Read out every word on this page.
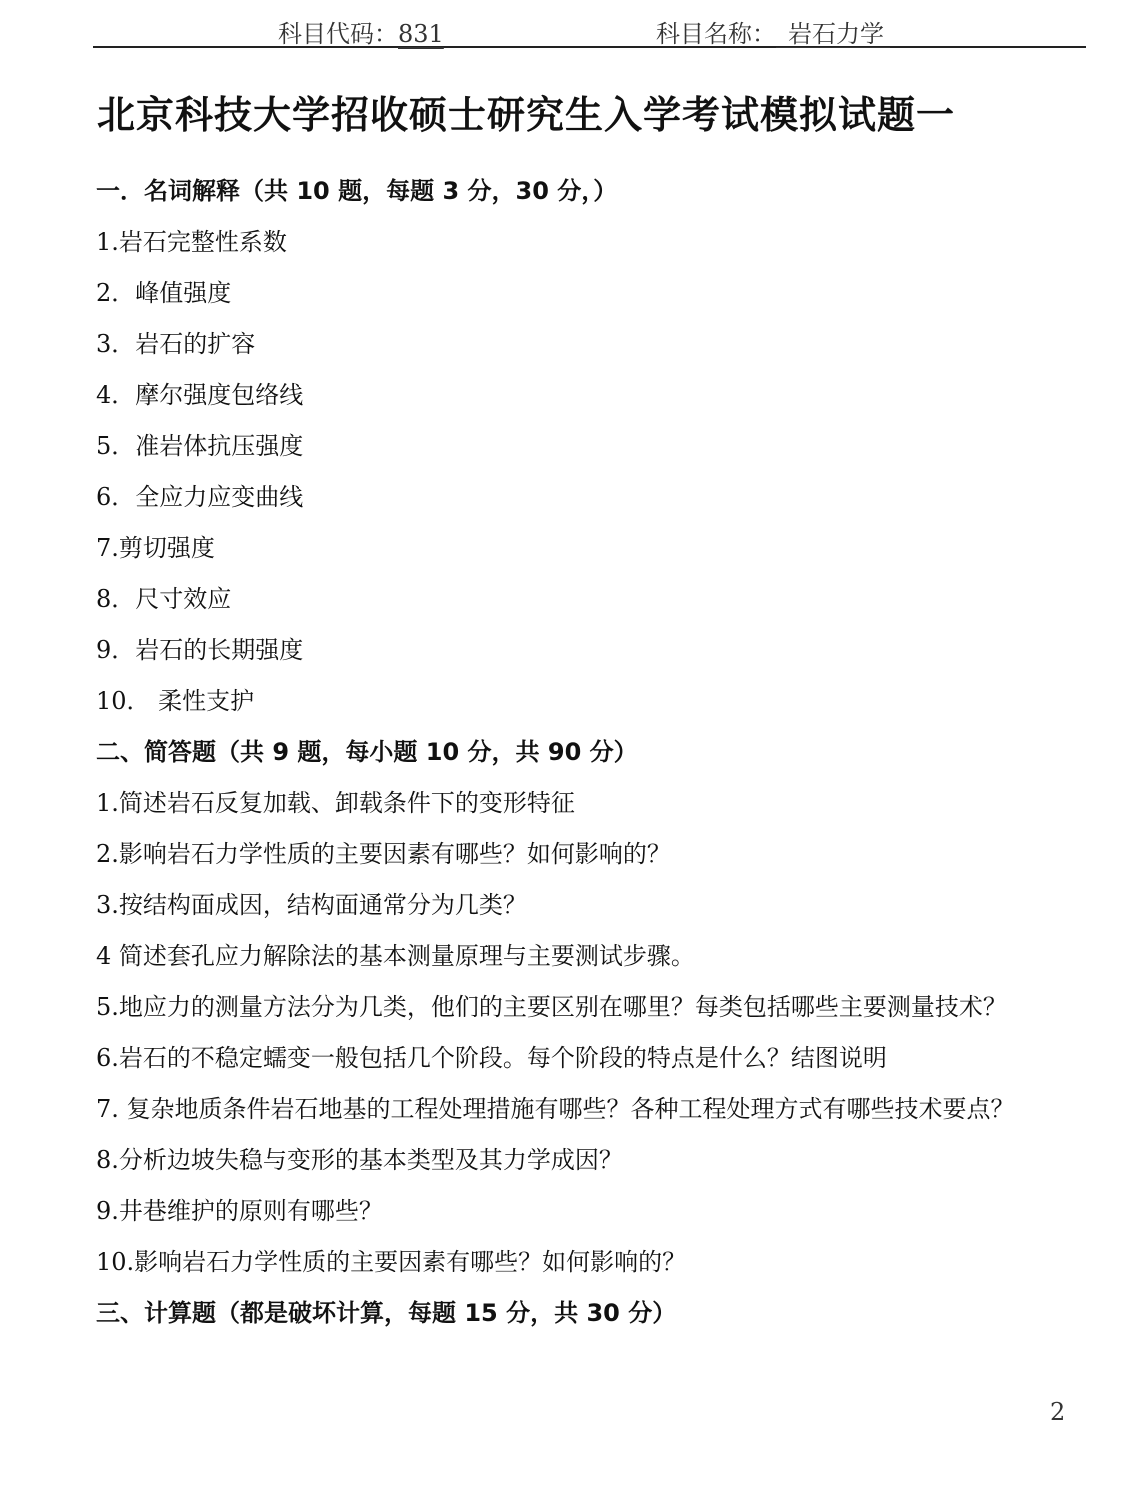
科目代码：831	科目名称： 岩石力学
北京科技大学招收硕士研究生入学考试模拟试题一
一．名词解释（共 10 题，每题 3 分，30 分，）
1.岩石完整性系数
2．峰值强度
3．岩石的扩容
4．摩尔强度包络线
5．准岩体抗压强度
6．全应力应变曲线
7.剪切强度
8．尺寸效应
9．岩石的长期强度
10． 柔性支护
二、简答题（共 9 题，每小题 10 分，共 90 分）
1.简述岩石反复加载、卸载条件下的变形特征
2.影响岩石力学性质的主要因素有哪些？如何影响的？
3.按结构面成因，结构面通常分为几类？
4 简述套孔应力解除法的基本测量原理与主要测试步骤。
5.地应力的测量方法分为几类，他们的主要区别在哪里？每类包括哪些主要测量技术？
6.岩石的不稳定蠕变一般包括几个阶段。每个阶段的特点是什么？结图说明
7. 复杂地质条件岩石地基的工程处理措施有哪些？各种工程处理方式有哪些技术要点？
8.分析边坡失稳与变形的基本类型及其力学成因？
9.井巷维护的原则有哪些？
10.影响岩石力学性质的主要因素有哪些？如何影响的？
三、计算题（都是破坏计算，每题 15 分，共 30 分）
2
